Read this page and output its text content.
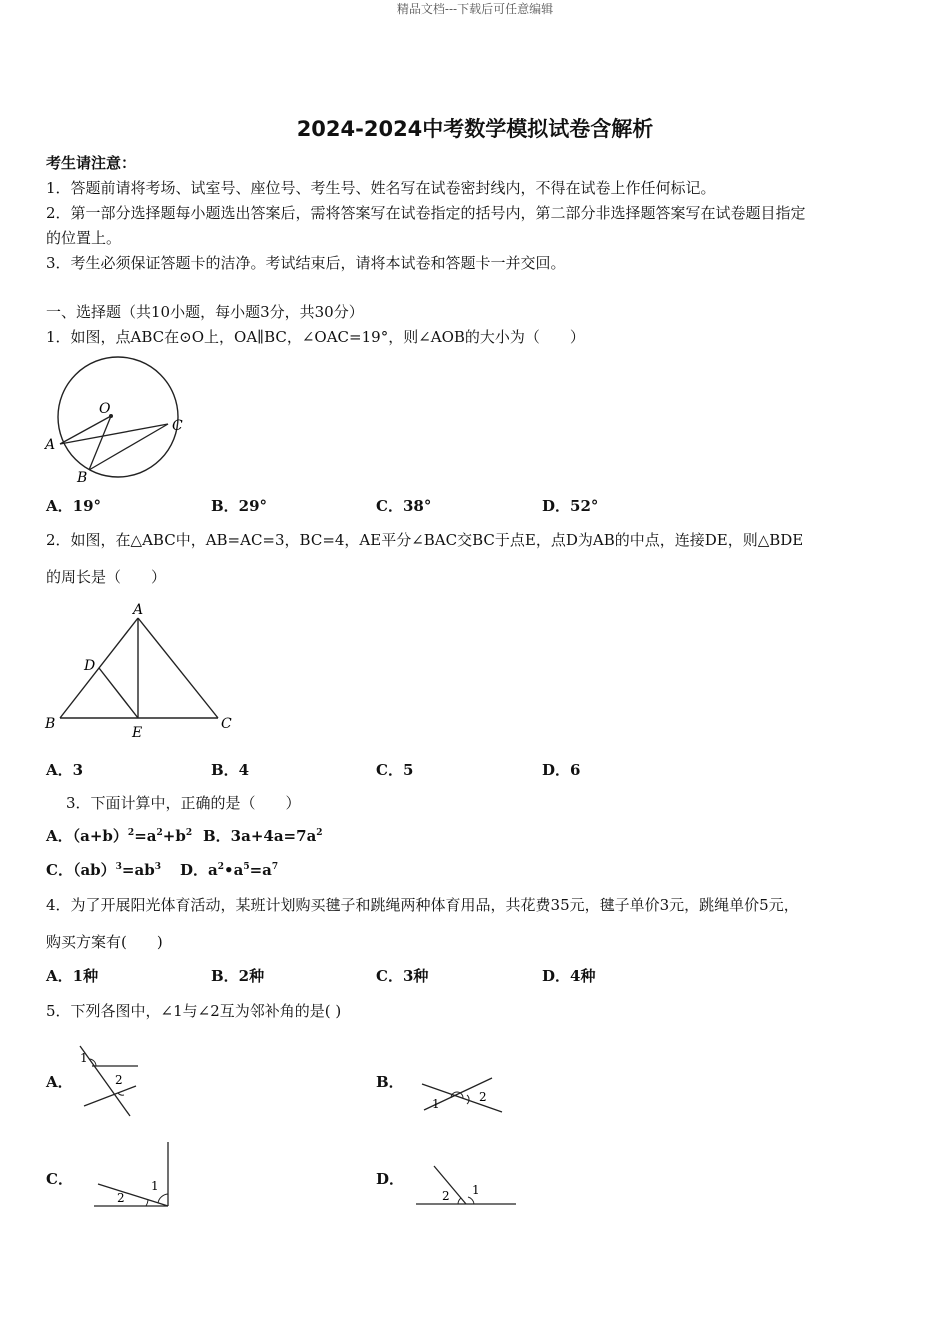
精品文档---下载后可任意编辑
2024-2024中考数学模拟试卷含解析
考生请注意：
1．答题前请将考场、试室号、座位号、考生号、姓名写在试卷密封线内，不得在试卷上作任何标记。
2．第一部分选择题每小题选出答案后，需将答案写在试卷指定的括号内，第二部分非选择题答案写在试卷题目指定
的位置上。
3．考生必须保证答题卡的洁净。考试结束后，请将本试卷和答题卡一并交回。
一、选择题（共10小题，每小题3分，共30分）
1．如图，点ABC在⊙O上，OA∥BC，∠OAC=19°，则∠AOB的大小为（　　）
O
A
B
C
A．19°	B．29°	C．38°	D．52°
2．如图，在△ABC中，AB=AC=3，BC=4，AE平分∠BAC交BC于点E，点D为AB的中点，连接DE，则△BDE
的周长是（　　）
A
D
B
E
C
A．3	B．4	C．5	D．6
3．下面计算中，正确的是（　　）
A．$(a+b)^2=a^2+b^2$ B．$3a+4a=7a^2$
C．$(ab)^3=ab^3$ D．$a^2•a^5=a^7$
4．为了开展阳光体育活动，某班计划购买毽子和跳绳两种体育用品，共花费35元，毽子单价3元，跳绳单价5元，
购买方案有(　　)
A．1种	B．2种	C．3种	D．4种
5．下列各图中，∠1与∠2互为邻补角的是( )
A．
1
2	B．
1	2
C．	1
2
D．
2 1
